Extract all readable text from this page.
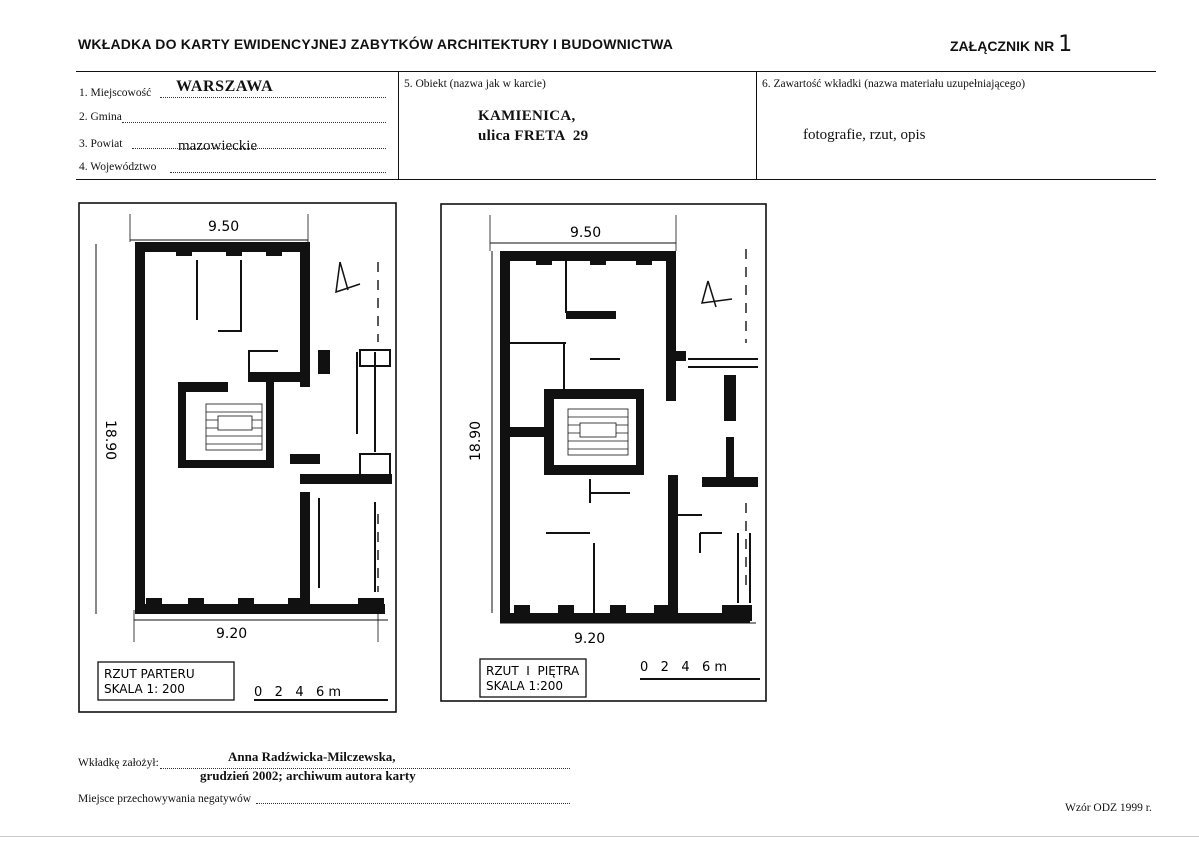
WKŁADKA DO KARTY EWIDENCYJNEJ ZABYTKÓW ARCHITEKTURY I BUDOWNICTWA	ZAŁĄCZNIK NR 1
1. Miejscowość WARSZAWA
2. Gmina
3. Powiat	mazowieckie
4. Województwo
5. Obiekt (nazwa jak w karcie)
KAMIENICA,
ulica FRETA  29
6. Zawartość wkładki (nazwa materiału uzupełniającego)
fotografie, rzut, opis
9.50
18.90
9.20
RZUT PARTERU
SKALA 1: 200	0   2   4   6 m
9.50
18.90
9.20
RZUT  I  PIĘTRA
SKALA 1:200
0   2   4   6 m
Wkładkę założył:	Anna Radźwicka-Milczewska,
grudzień 2002; archiwum autora karty
Miejsce przechowywania negatywów
Wzór ODZ 1999 r.
